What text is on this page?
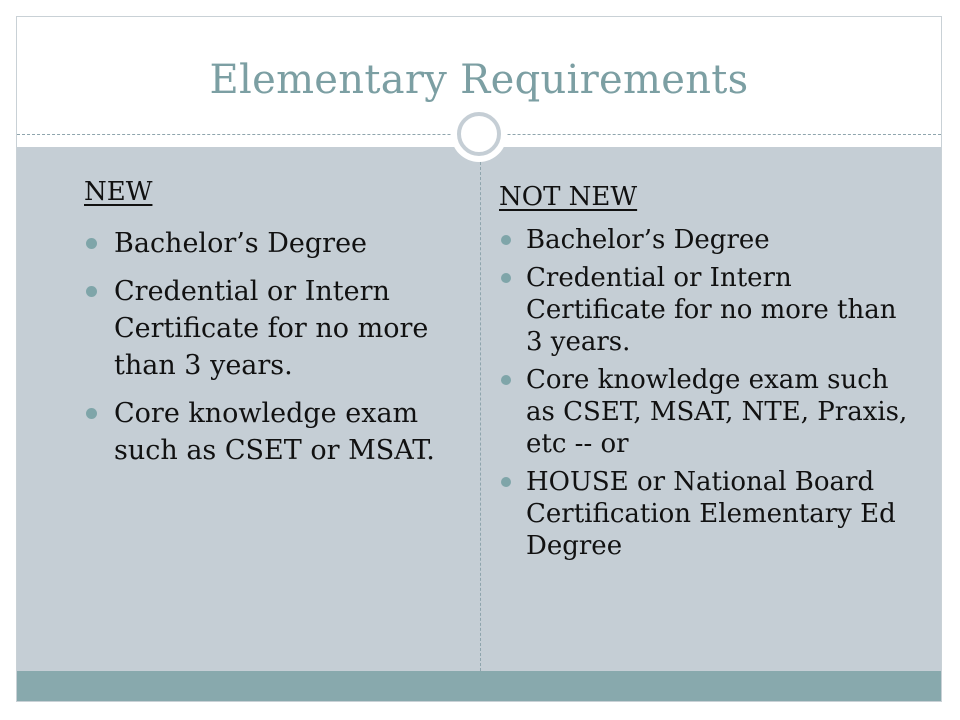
Elementary Requirements
NEW
Bachelor’s Degree
Credential or Intern Certificate for no more than 3 years.
Core knowledge exam such as CSET or MSAT.
NOT NEW
Bachelor’s Degree
Credential or Intern Certificate for no more than 3 years.
Core knowledge exam such as CSET, MSAT, NTE, Praxis, etc -- or
HOUSE or National Board Certification Elementary Ed Degree
